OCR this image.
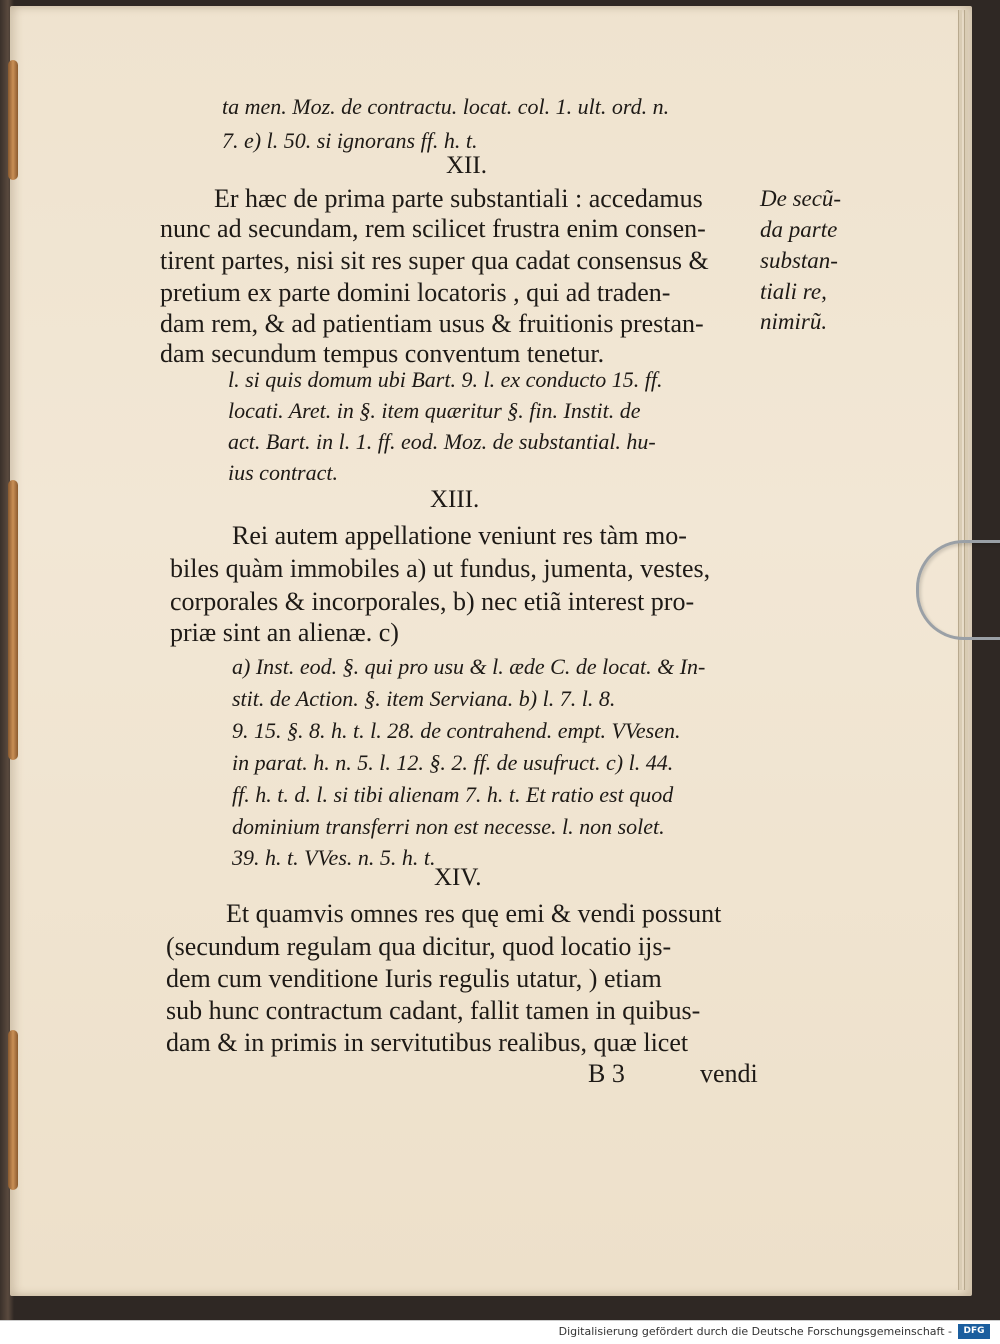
ta men. Moz. de contractu. locat. col. 1. ult. ord. n.
7. e) l. 50. si ignorans ff. h. t.
XII.
Er hæc de prima parte substantiali : accedamus
nunc ad secundam, rem scilicet frustra enim consen-
tirent partes, nisi sit res super qua cadat consensus &
pretium ex parte domini locatoris , qui ad traden-
dam rem, & ad patientiam usus & fruitionis prestan-
dam secundum tempus conventum tenetur.
De secũ-
da parte
substan-
tiali re,
nimirũ.
l. si quis domum ubi Bart. 9. l. ex conducto 15. ff.
locati. Aret. in §. item quæritur §. fin. Instit. de
act. Bart. in l. 1. ff. eod. Moz. de substantial. hu-
ius contract.
XIII.
Rei autem appellatione veniunt res tàm mo-
biles quàm immobiles a) ut fundus, jumenta, vestes,
corporales & incorporales, b) nec etiã interest pro-
priæ sint an alienæ. c)
a) Inst. eod. §. qui pro usu & l. æde C. de locat. & In-
stit. de Action. §. item Serviana. b) l. 7. l. 8.
9. 15. §. 8. h. t. l. 28. de contrahend. empt. VVesen.
in parat. h. n. 5. l. 12. §. 2. ff. de usufruct. c) l. 44.
ff. h. t. d. l. si tibi alienam 7. h. t. Et ratio est quod
dominium transferri non est necesse. l. non solet.
39. h. t. VVes. n. 5. h. t.
XIV.
Et quamvis omnes res quę emi & vendi possunt
(secundum regulam qua dicitur, quod locatio ijs-
dem cum venditione Iuris regulis utatur, ) etiam
sub hunc contractum cadant, fallit tamen in quibus-
dam & in primis in servitutibus realibus, quæ licet
B 3	vendi
Digitalisierung gefördert durch die Deutsche Forschungsgemeinschaft -	DFG
